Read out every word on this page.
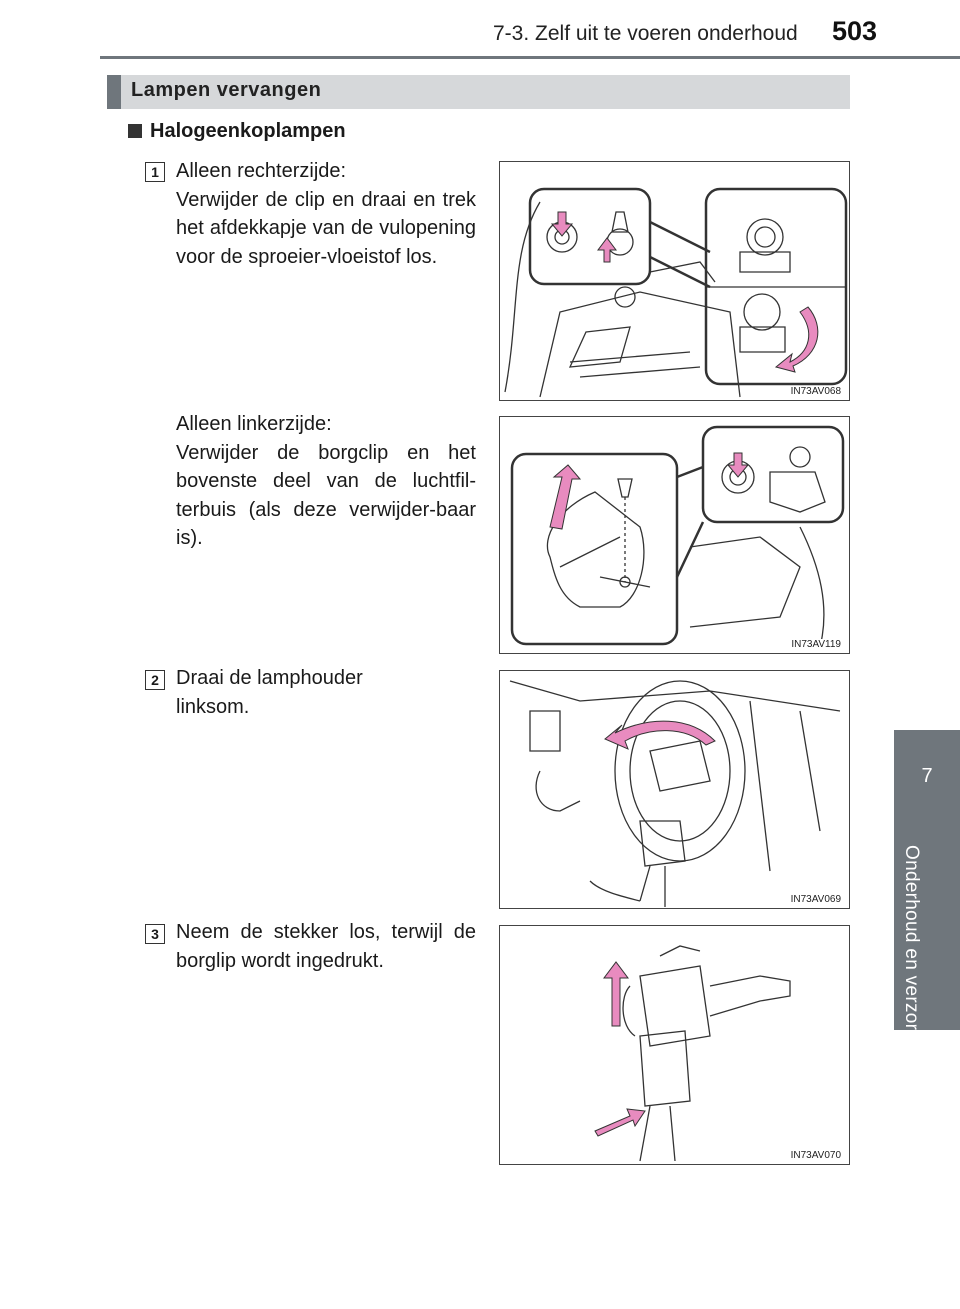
7-3. Zelf uit te voeren onderhoud 503
7
Onderhoud en verzorging
Lampen vervangen
Halogeenkoplampen
1 Alleen rechterzijde:

Verwijder de clip en draai en trek het afdekkapje van de vulopening voor de sproeier-vloeistof los.

Alleen linkerzijde:

Verwijder de borgclip en het bovenste deel van de luchtfil-terbuis (als deze verwijder-baar is).

2 Draai de lamphouder linksom.

3 Neem de stekker los, terwijl de borglip wordt ingedrukt.

IN73AV068
IN73AV119
IN73AV069
IN73AV070
